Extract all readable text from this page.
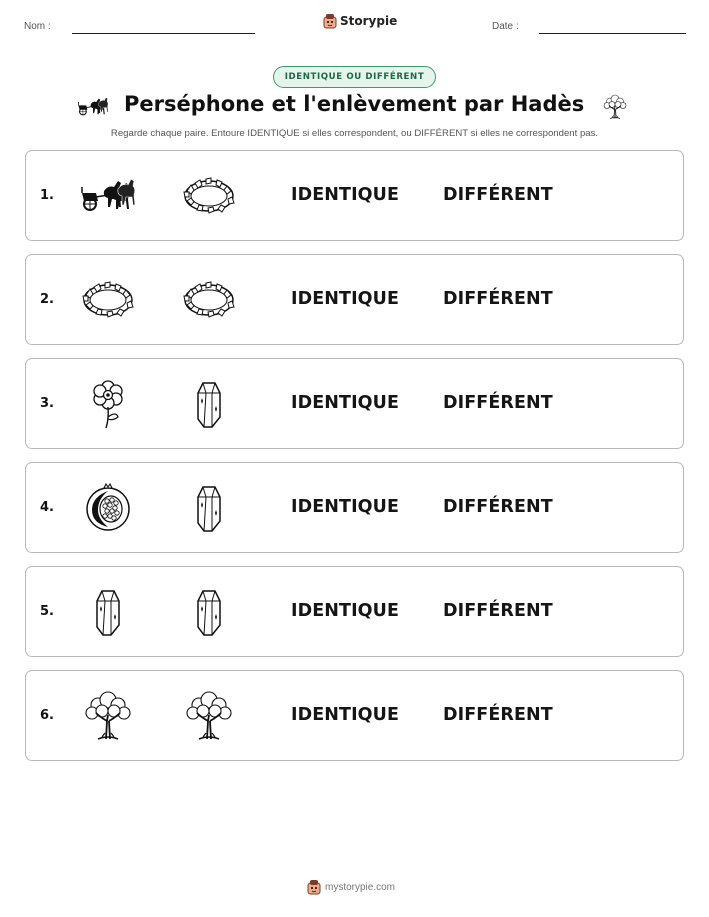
Nom :	Storypie	Date :
IDENTIQUE OU DIFFÉRENT
Perséphone et l'enlèvement par Hadès
Regarde chaque paire. Entoure IDENTIQUE si elles correspondent, ou DIFFÉRENT si elles ne correspondent pas.
1.	IDENTIQUE	DIFFÉRENT
2.	IDENTIQUE	DIFFÉRENT
3.	IDENTIQUE	DIFFÉRENT
4.	IDENTIQUE	DIFFÉRENT
5.	IDENTIQUE	DIFFÉRENT
6.	IDENTIQUE	DIFFÉRENT
mystorypie.com
